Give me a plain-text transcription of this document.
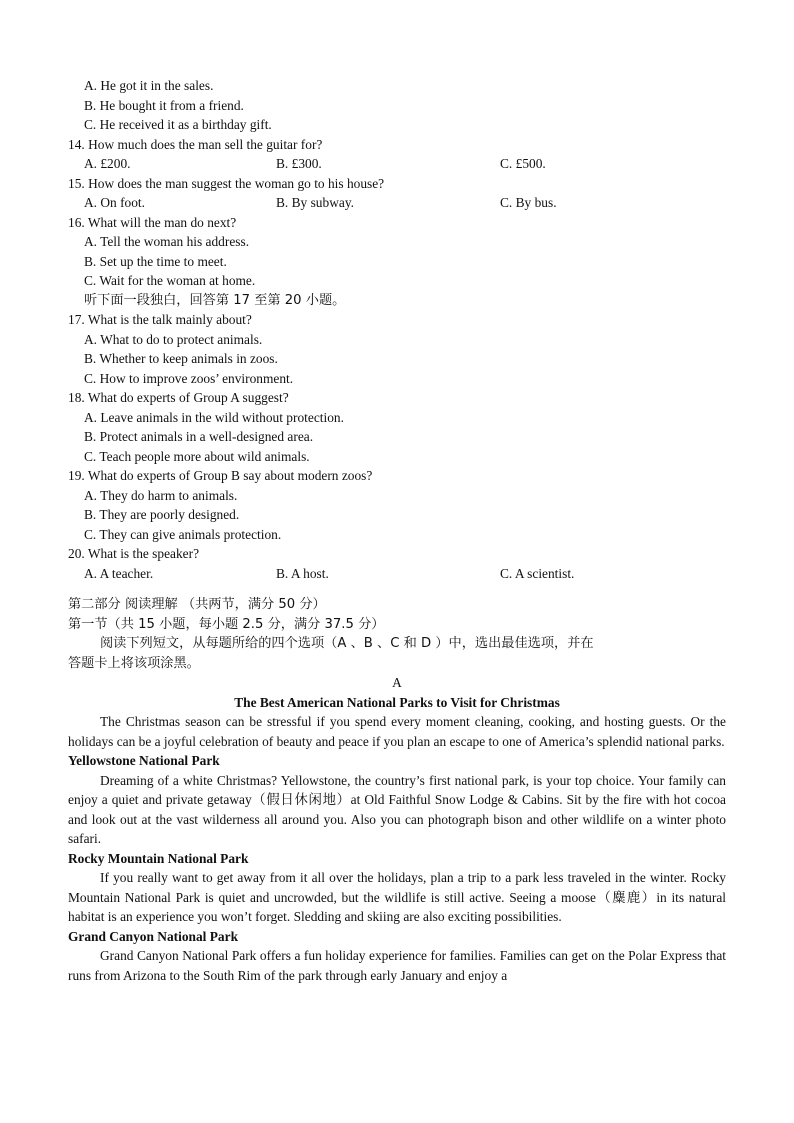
A. He got it in the sales.
B. He bought it from a friend.
C. He received it as a birthday gift.
14. How much does the man sell the guitar for?
A. £200.	B. £300.	C. £500.
15. How does the man suggest the woman go to his house?
A. On foot.	B. By subway.	C. By bus.
16. What will the man do next?
A. Tell the woman his address.
B. Set up the time to meet.
C. Wait for the woman at home.
听下面一段独白，回答第 17 至第 20 小题。
17. What is the talk mainly about?
A. What to do to protect animals.
B. Whether to keep animals in zoos.
C. How to improve zoos’ environment.
18. What do experts of Group A suggest?
A. Leave animals in the wild without protection.
B. Protect animals in a well-designed area.
C. Teach people more about wild animals.
19. What do experts of Group B say about modern zoos?
A. They do harm to animals.
B. They are poorly designed.
C. They can give animals protection.
20. What is the speaker?
A. A teacher.	B. A host.	C. A scientist.
第二部分 阅读理解 （共两节，满分 50 分）
第一节（共 15 小题，每小题 2.5 分，满分 37.5 分）
阅读下列短文，从每题所给的四个选项（A 、B 、C 和 D ）中，选出最佳选项，并在
答题卡上将该项涂黑。
A
The Best American National Parks to Visit for Christmas

The Christmas season can be stressful if you spend every moment cleaning, cooking, and hosting guests. Or the holidays can be a joyful celebration of beauty and peace if you plan an escape to one of America’s splendid national parks.

Yellowstone National Park

Dreaming of a white Christmas? Yellowstone, the country’s first national park, is your top choice. Your family can enjoy a quiet and private getaway（假日休闲地）at Old Faithful Snow Lodge & Cabins. Sit by the fire with hot cocoa and look out at the vast wilderness all around you. Also you can photograph bison and other wildlife on a winter photo safari.

Rocky Mountain National Park

If you really want to get away from it all over the holidays, plan a trip to a park less traveled in the winter. Rocky Mountain National Park is quiet and uncrowded, but the wildlife is still active. Seeing a moose（麋鹿）in its natural habitat is an experience you won’t forget. Sledding and skiing are also exciting possibilities.

Grand Canyon National Park

Grand Canyon National Park offers a fun holiday experience for families. Families can get on the Polar Express that runs from Arizona to the South Rim of the park through early January and enjoy a
